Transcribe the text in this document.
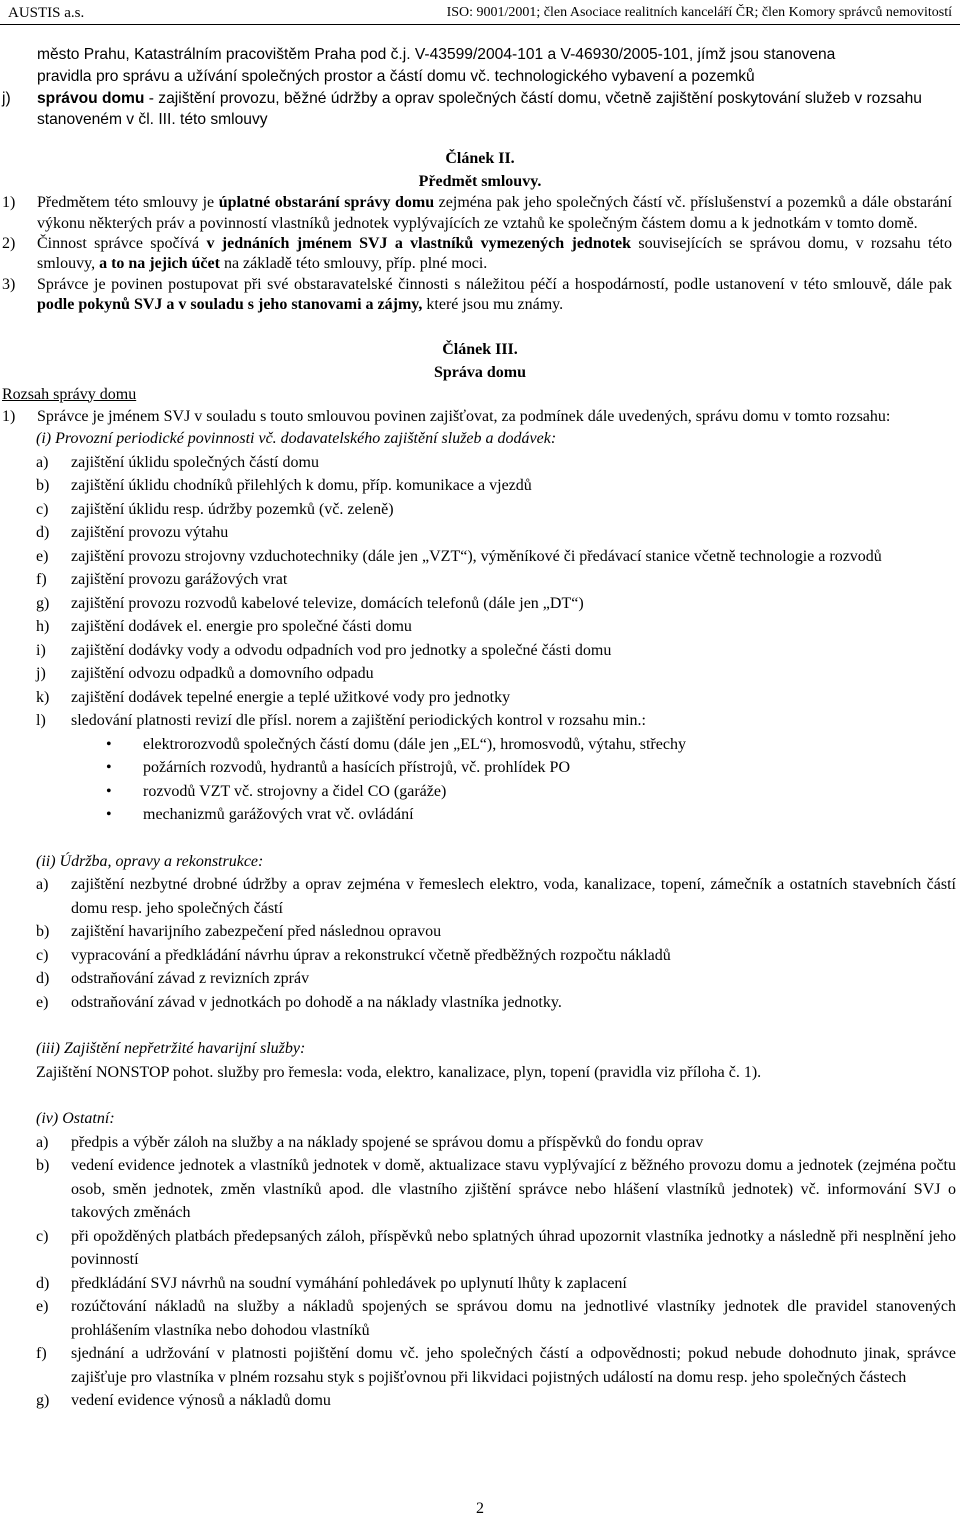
AUSTIS a.s.	ISO: 9001/2001; člen Asociace realitních kanceláří ČR; člen Komory správců nemovitostí
město Prahu, Katastrálním pracovištěm Praha pod č.j. V-43599/2004-101 a V-46930/2005-101, jímž jsou stanovena
pravidla pro správu a užívání společných prostor a částí domu vč. technologického vybavení a pozemků
j) správou domu - zajištění provozu, běžné údržby a oprav společných částí domu, včetně zajištění poskytování služeb v rozsahu stanoveném v čl. III. této smlouvy
Článek II.
Předmět smlouvy.
1) Předmětem této smlouvy je úplatné obstarání správy domu zejména pak jeho společných částí vč. příslušenství a pozemků a dále obstarání výkonu některých práv a povinností vlastníků jednotek vyplývajících ze vztahů ke společným částem domu a k jednotkám v tomto domě.
2) Činnost správce spočívá v jednáních jménem SVJ a vlastníků vymezených jednotek souvisejících se správou domu, v rozsahu této smlouvy, a to na jejich účet na základě této smlouvy, příp. plné moci.
3) Správce je povinen postupovat při své obstaravatelské činnosti s náležitou péčí a hospodárností, podle ustanovení v této smlouvě, dále pak podle pokynů SVJ a v souladu s jeho stanovami a zájmy, které jsou mu známy.
Článek III.
Správa domu
Rozsah správy domu
1) Správce je jménem SVJ v souladu s touto smlouvou povinen zajišťovat, za podmínek dále uvedených, správu domu v tomto rozsahu:
(i) Provozní periodické povinnosti vč. dodavatelského zajištění služeb a dodávek:
a) zajištění úklidu společných částí domu
b) zajištění úklidu chodníků přilehlých k domu, příp. komunikace a vjezdů
c) zajištění úklidu resp. údržby pozemků (vč. zeleně)
d) zajištění provozu výtahu
e) zajištění provozu strojovny vzduchotechniky (dále jen „VZT“), výměníkové či předávací stanice včetně technologie a rozvodů
f) zajištění provozu garážových vrat
g) zajištění provozu rozvodů kabelové televize, domácích telefonů (dále jen „DT“)
h) zajištění dodávek el. energie pro společné části domu
i) zajištění dodávky vody a odvodu odpadních vod pro jednotky a společné části domu
j) zajištění odvozu odpadků a domovního odpadu
k) zajištění dodávek tepelné energie a teplé užitkové vody pro jednotky
l) sledování platnosti revizí dle přísl. norem a zajištění periodických kontrol v rozsahu min.:
• elektrorozvodů společných částí domu (dále jen „EL“), hromosvodů, výtahu, střechy
• požárních rozvodů, hydrantů a hasících přístrojů, vč. prohlídek PO
• rozvodů VZT vč. strojovny a čidel CO (garáže)
• mechanizmů garážových vrat vč. ovládání
(ii) Údržba, opravy a rekonstrukce:
a) zajištění nezbytné drobné údržby a oprav zejména v řemeslech elektro, voda, kanalizace, topení, zámečník a ostatních stavebních částí domu resp. jeho společných částí
b) zajištění havarijního zabezpečení před následnou opravou
c) vypracování a předkládání návrhu úprav a rekonstrukcí včetně předběžných rozpočtu nákladů
d) odstraňování závad z revizních zpráv
e) odstraňování závad v jednotkách po dohodě a na náklady vlastníka jednotky.
(iii) Zajištění nepřetržité havarijní služby:
Zajištění NONSTOP pohot. služby pro řemesla: voda, elektro, kanalizace, plyn, topení (pravidla viz příloha č. 1).
(iv) Ostatní:
a) předpis a výběr záloh na služby a na náklady spojené se správou domu a příspěvků do fondu oprav
b) vedení evidence jednotek a vlastníků jednotek v domě, aktualizace stavu vyplývající z běžného provozu domu a jednotek (zejména počtu osob, směn jednotek, změn vlastníků apod. dle vlastního zjištění správce nebo hlášení vlastníků jednotek) vč. informování SVJ o takových změnách
c) při opožděných platbách předepsaných záloh, příspěvků nebo splatných úhrad upozornit vlastníka jednotky a následně při nesplnění jeho povinností
d) předkládání SVJ návrhů na soudní vymáhání pohledávek po uplynutí lhůty k zaplacení
e) rozúčtování nákladů na služby a nákladů spojených se správou domu na jednotlivé vlastníky jednotek dle pravidel stanovených prohlášením vlastníka nebo dohodou vlastníků
f) sjednání a udržování v platnosti pojištění domu vč. jeho společných částí a odpovědnosti; pokud nebude dohodnuto jinak, správce zajišťuje pro vlastníka v plném rozsahu styk s pojišťovnou při likvidaci pojistných událostí na domu resp. jeho společných částech
g) vedení evidence výnosů a nákladů domu
2
